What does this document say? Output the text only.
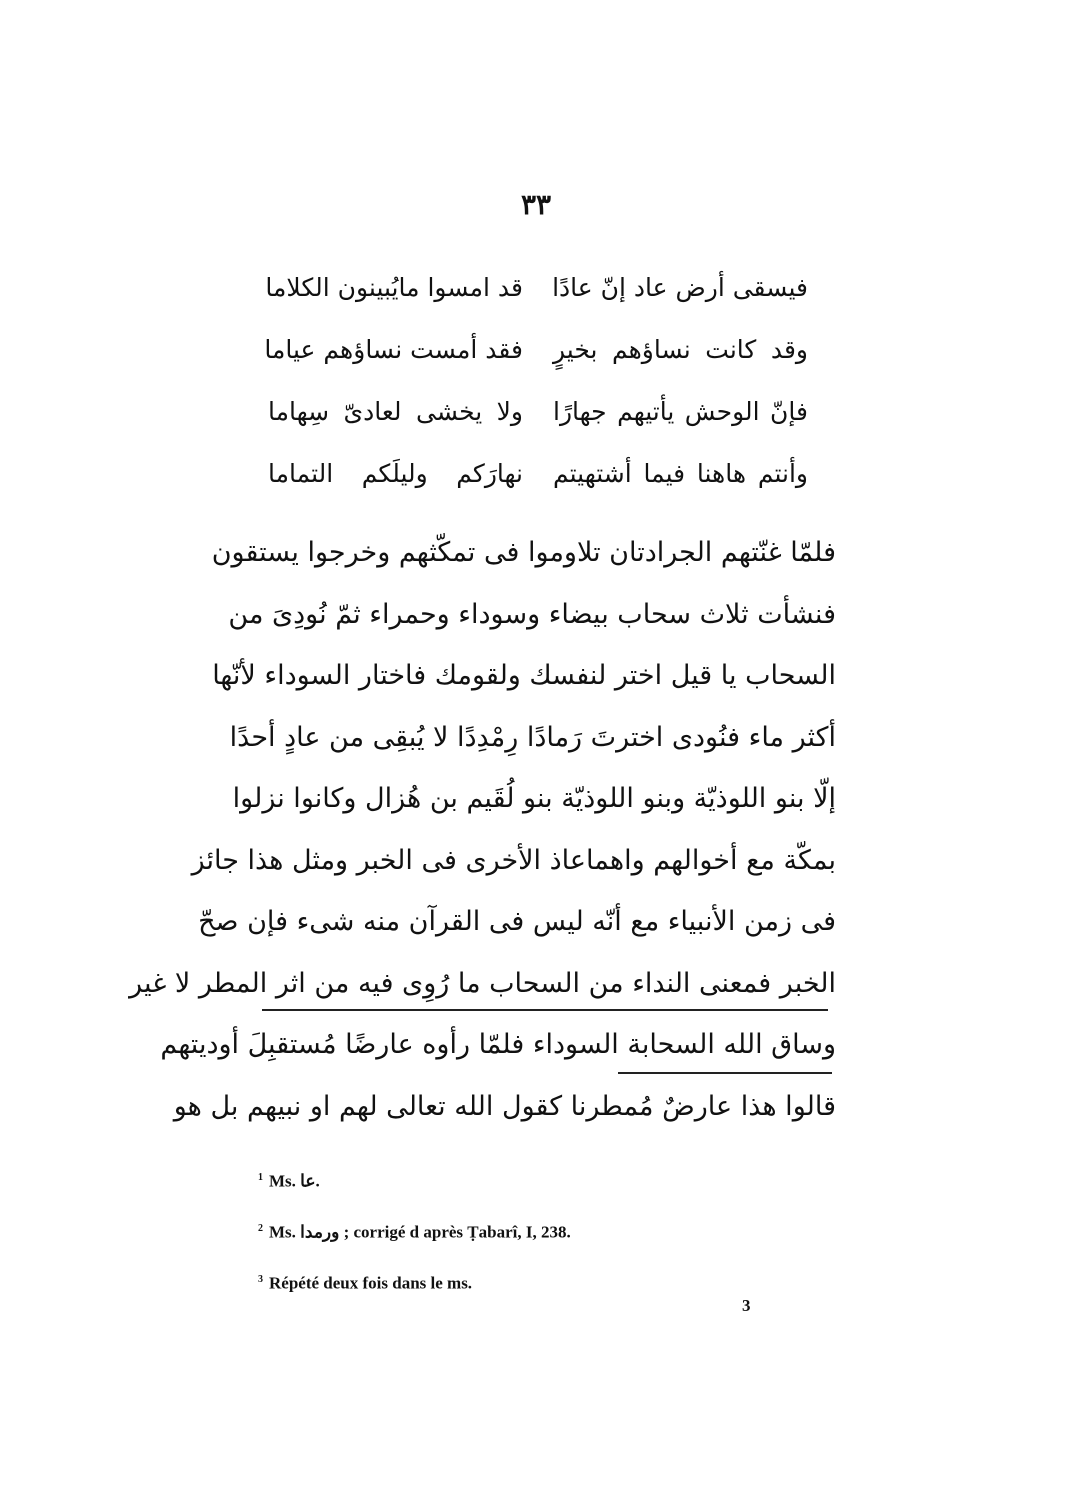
٣٣
فيسقى أرض عاد إنّ عادًا
قد امسوا مايُبينون الكلاما
وقد كانت نساؤهم بخيرٍ
فقد أمست نساؤهم عياما
فإنّ الوحش يأتيهم جهارًا
ولا يخشى لعادىّ سِهاما
وأنتم هاهنا فيما أشتهيتم
نهارَكم وليلَكم التماما
فلمّا غنّتهم الجرادتان تلاوموا فى تمكّثهم وخرجوا يستقون
فنشأت ثلاث سحاب بيضاء وسوداء وحمراء ثمّ نُودِىَ من
السحاب يا قيل اختر لنفسك ولقومك فاختار السوداء لأنّها
أكثر ماء فنُودى اخترتَ رَمادًا رِمْدِدًا لا يُبقِى من عادٍ أحدًا
إلّا بنو اللوذيّة وبنو اللوذيّة بنو لُقَيم بن هُزال وكانوا نزلوا
بمكّة مع أخوالهم واهماعاذ الأخرى فى الخبر ومثل هذا جائز
فى زمن الأنبياء مع أنّه ليس فى القرآن منه شىء فإن صحّ
الخبر فمعنى النداء من السحاب ما رُوِى فيه من اثر المطر لا غير
وساق الله السحابة السوداء فلمّا رأوه عارضًا مُستقبِلَ أوديتهم
قالوا هذا عارضٌ مُمطرنا كقول الله تعالى لهم او نبيهم بل هو
$^1$ Ms. عا.
$^2$ Ms. ورمدا ; corrigé d après Ṭabarî, I, 238.
$^3$ Répété deux fois dans le ms.
3
